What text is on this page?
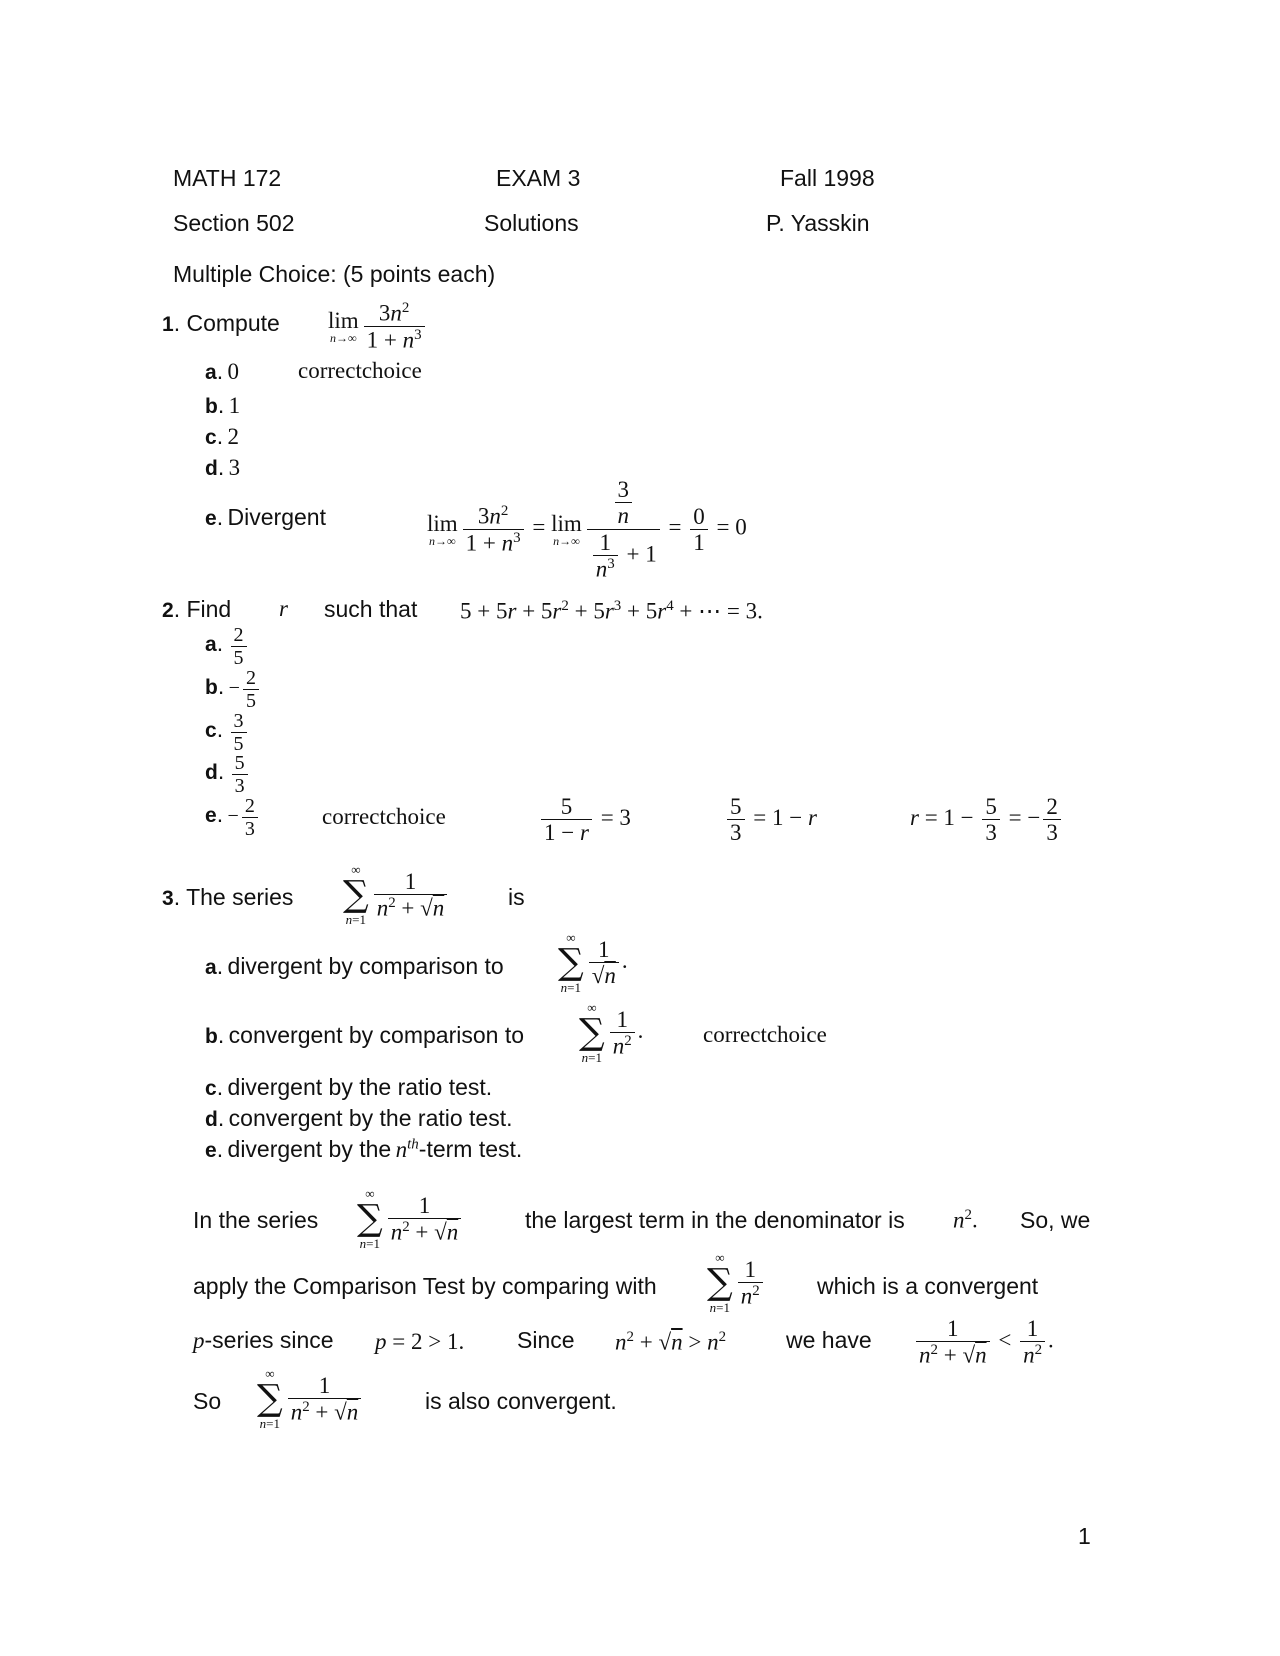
MATH 172	EXAM 3	Fall 1998
Section 502	Solutions	P. Yasskin
Multiple Choice: (5 points each)
1. Compute lim
$n\to\infty \frac{3n^2}{1 + n^3}$
a. 0	correctchoice
b. 1
c. 2
d. 3
e. Divergent	lim
$n\to\infty \frac{3n^2}{1 + n^3} = \lim$
$n\to\infty \frac{\frac{3}{n}}{\frac{1}{n^3} + 1} = \frac{0}{1} = 0$
2. Find r such that $5 + 5r + 5r^2 + 5r^3 + 5r^4$ + ⋯ = 3.
a. $\frac{2}{5}$
b. − $\frac{2}{5}$
c. $\frac{3}{5}$
d. $\frac{5}{3}$
e. − $\frac{2}{3}$	correctchoice	$\frac{5}{1 - r} = 3$	$\frac{5}{3} = 1 - r$	$r = 1 - \frac{5}{3}$ = − $\frac{2}{3}$
3. The series
∞
∑
$n=1 \frac{1}{n^2 + √n}$	is
a. divergent by comparison to
∞
∑
$n=1 \frac{1}{√n}$ .
b. convergent by comparison to
∞
∑
$n=1 \frac{1}{n^2}$ .	correctchoice
c. divergent by the ratio test.
d. convergent by the ratio test.
e. divergent by the $n^{th}$-term test.
In the series
∞
∑
$n=1 \frac{1}{n^2 + √n}$	the largest term in the denominator is $n^2$. So, we
apply the Comparison Test by comparing with
∞
∑
$n=1 \frac{1}{n^2}$ which is a convergent
p-series since p = 2 > 1. Since $n^2 + √n > n^2$	we have $\frac{1}{n^2 + √n} < \frac{1}{n^2}$ .
So
∞
∑
$n=1 \frac{1}{n^2 + √n}$	is also convergent.
1
